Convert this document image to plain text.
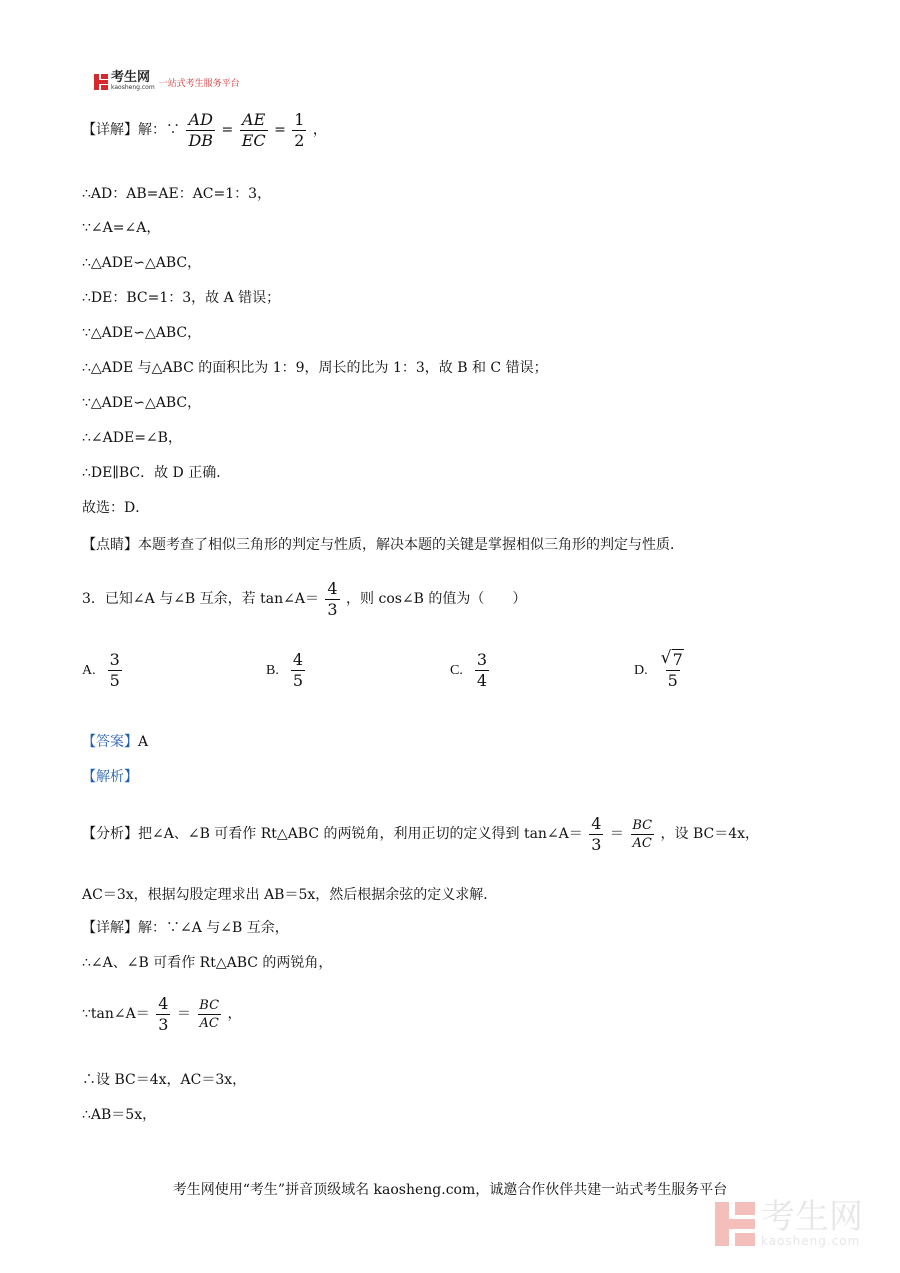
考生网
kaosheng.com 一站式考生服务平台
【详解】解：∵ $\frac{AD}{DB} = \frac{AE}{EC} = \frac{1}{2}$ ，
∴AD：AB=AE：AC=1：3，
∵∠A=∠A，
∴△ADE∽△ABC，
∴DE：BC=1：3，故 A 错误；
∵△ADE∽△ABC，
∴△ADE 与△ABC 的面积比为 1：9，周长的比为 1：3，故 B 和 C 错误；
∵△ADE∽△ABC，
∴∠ADE=∠B，
∴DE∥BC．故 D 正确．
故选：D．
【点睛】本题考查了相似三角形的判定与性质，解决本题的关键是掌握相似三角形的判定与性质．
3．已知∠A 与∠B 互余，若 tan∠A＝ $\frac{4}{3}$ ，则 cos∠B 的值为（　　）
A. $\frac{3}{5}$	B. $\frac{4}{5}$	C. $\frac{3}{4}$	D.
√ $\frac{7}{5}$
【答案】A
【解析】
【分析】把∠A、∠B 可看作 Rt△ABC 的两锐角，利用正切的定义得到 tan∠A＝ $\frac{4}{3} = \frac{BC}{AC}$ ，设 BC＝4x，
AC＝3x，根据勾股定理求出 AB＝5x，然后根据余弦的定义求解．
【详解】解：∵∠A 与∠B 互余，
∴∠A、∠B 可看作 Rt△ABC 的两锐角，
∵tan∠A＝ $\frac{4}{3} = \frac{BC}{AC}$ ，
∴设 BC＝4x，AC＝3x，
∴AB＝5x，
考生网使用“考生”拼音顶级域名 kaosheng.com，诚邀合作伙伴共建一站式考生服务平台
考生网
kaosheng.com
